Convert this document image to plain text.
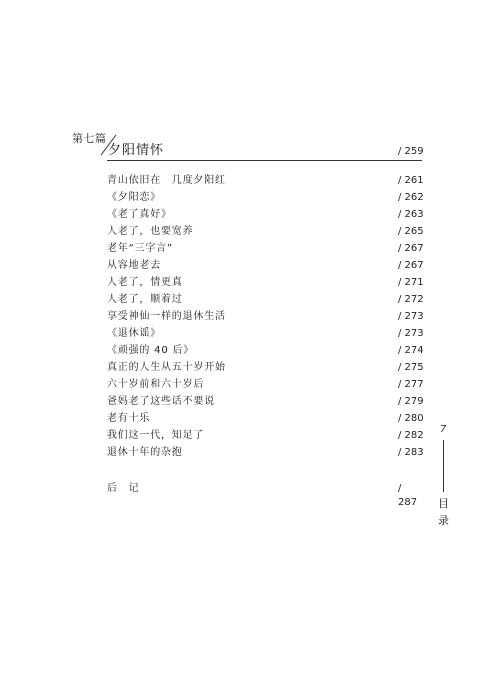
第七篇
夕阳情怀	/ 259
青山依旧在　几度夕阳红	/ 261
《夕阳恋》	/ 262
《老了真好》	/ 263
人老了，也要宽养	/ 265
老年“三字言”	/ 267
从容地老去	/ 267
人老了，情更真	/ 271
人老了，顺着过	/ 272
享受神仙一样的退休生活	/ 273
《退休谣》	/ 273
《顽强的 40 后》	/ 274
真正的人生从五十岁开始	/ 275
六十岁前和六十岁后	/ 277
爸妈老了这些话不要说	/ 279
老有十乐	/ 280
我们这一代，知足了	/ 282
退休十年的杂抱	/ 283
后　记	/ 287
7
目
录
